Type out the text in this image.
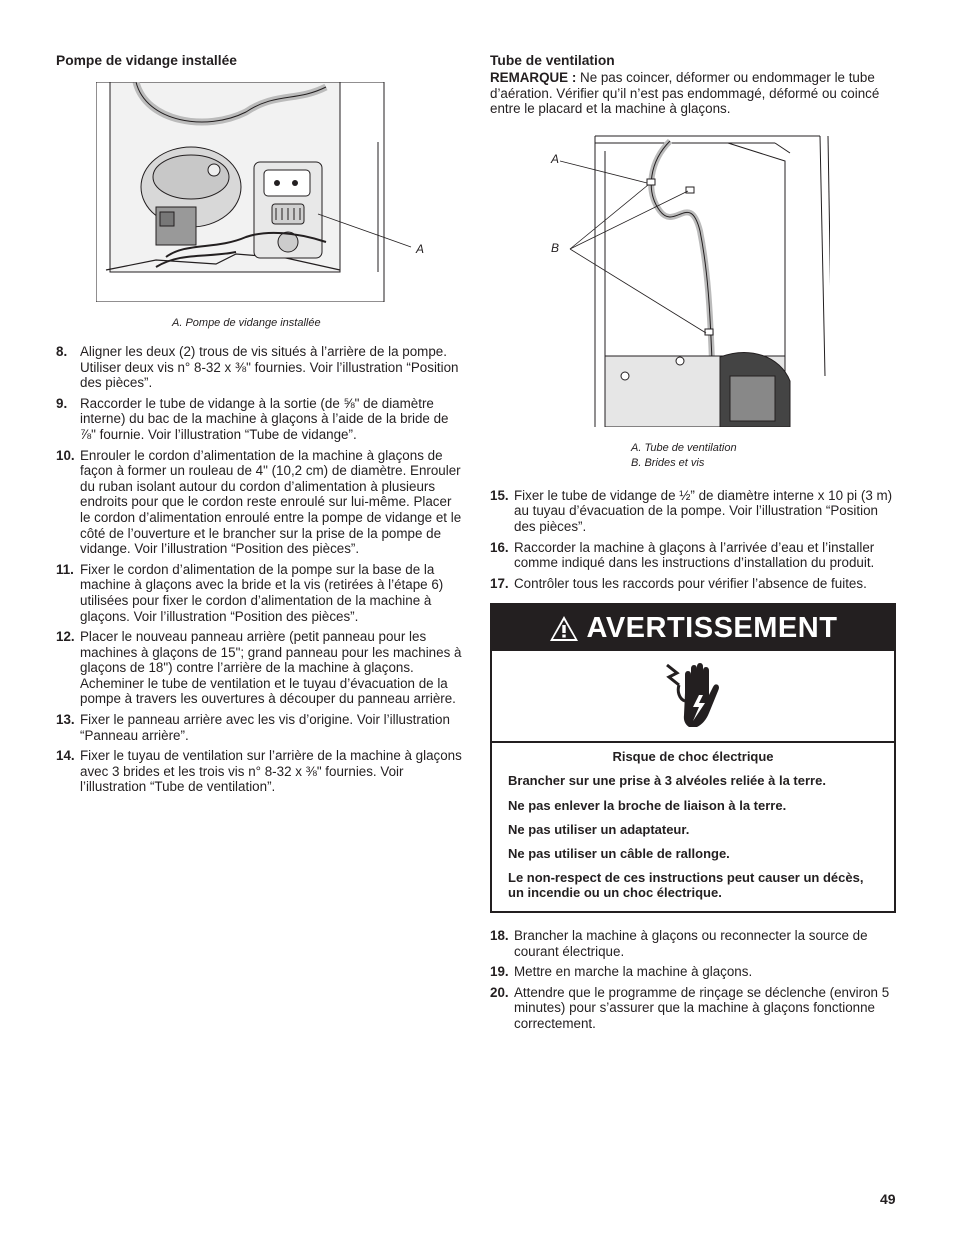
Pompe de vidange installée
A
A. Pompe de vidange installée
8. Aligner les deux (2) trous de vis situés à l’arrière de la pompe. Utiliser deux vis n° 8-32 x ⅜" fournies. Voir l’illustration “Position des pièces”.
9. Raccorder le tube de vidange à la sortie (de ⅝" de diamètre interne) du bac de la machine à glaçons à l’aide de la bride de ⅞" fournie. Voir l’illustration “Tube de vidange”.
10. Enrouler le cordon d’alimentation de la machine à glaçons de façon à former un rouleau de 4" (10,2 cm) de diamètre. Enrouler du ruban isolant autour du cordon d’alimentation à plusieurs endroits pour que le cordon reste enroulé sur lui-même. Placer le cordon d’alimentation enroulé entre la pompe de vidange et le côté de l’ouverture et le brancher sur la prise de la pompe de vidange. Voir l’illustration “Position des pièces”.
11. Fixer le cordon d’alimentation de la pompe sur la base de la machine à glaçons avec la bride et la vis (retirées à l’étape 6) utilisées pour fixer le cordon d’alimentation de la machine à glaçons. Voir l’illustration “Position des pièces”.
12. Placer le nouveau panneau arrière (petit panneau pour les machines à glaçons de 15"; grand panneau pour les machines à glaçons de 18") contre l’arrière de la machine à glaçons. Acheminer le tube de ventilation et le tuyau d’évacuation de la pompe à travers les ouvertures à découper du panneau arrière.
13. Fixer le panneau arrière avec les vis d’origine. Voir l’illustration “Panneau arrière”.
14. Fixer le tuyau de ventilation sur l’arrière de la machine à glaçons avec 3 brides et les trois vis n° 8-32 x ⅜" fournies. Voir l’illustration “Tube de ventilation”.
Tube de ventilation

REMARQUE : Ne pas coincer, déformer ou endommager le tube d’aération. Vérifier qu’il n’est pas endommagé, déformé ou coincé entre le placard et la machine à glaçons.

A
B
A. Tube de ventilation
B. Brides et vis
15. Fixer le tube de vidange de ½” de diamètre interne x 10 pi (3 m) au tuyau d’évacuation de la pompe. Voir l’illustration “Position des pièces”.
16. Raccorder la machine à glaçons à l’arrivée d’eau et l’installer comme indiqué dans les instructions d’installation du produit.
17. Contrôler tous les raccords pour vérifier l’absence de fuites.
AVERTISSEMENT

Risque de choc électrique

Brancher sur une prise à 3 alvéoles reliée à la terre.

Ne pas enlever la broche de liaison à la terre.

Ne pas utiliser un adaptateur.

Ne pas utiliser un câble de rallonge.

Le non-respect de ces instructions peut causer un décès, un incendie ou un choc électrique.

18. Brancher la machine à glaçons ou reconnecter la source de courant électrique.
19. Mettre en marche la machine à glaçons.
20. Attendre que le programme de rinçage se déclenche (environ 5 minutes) pour s’assurer que la machine à glaçons fonctionne correctement.
49
